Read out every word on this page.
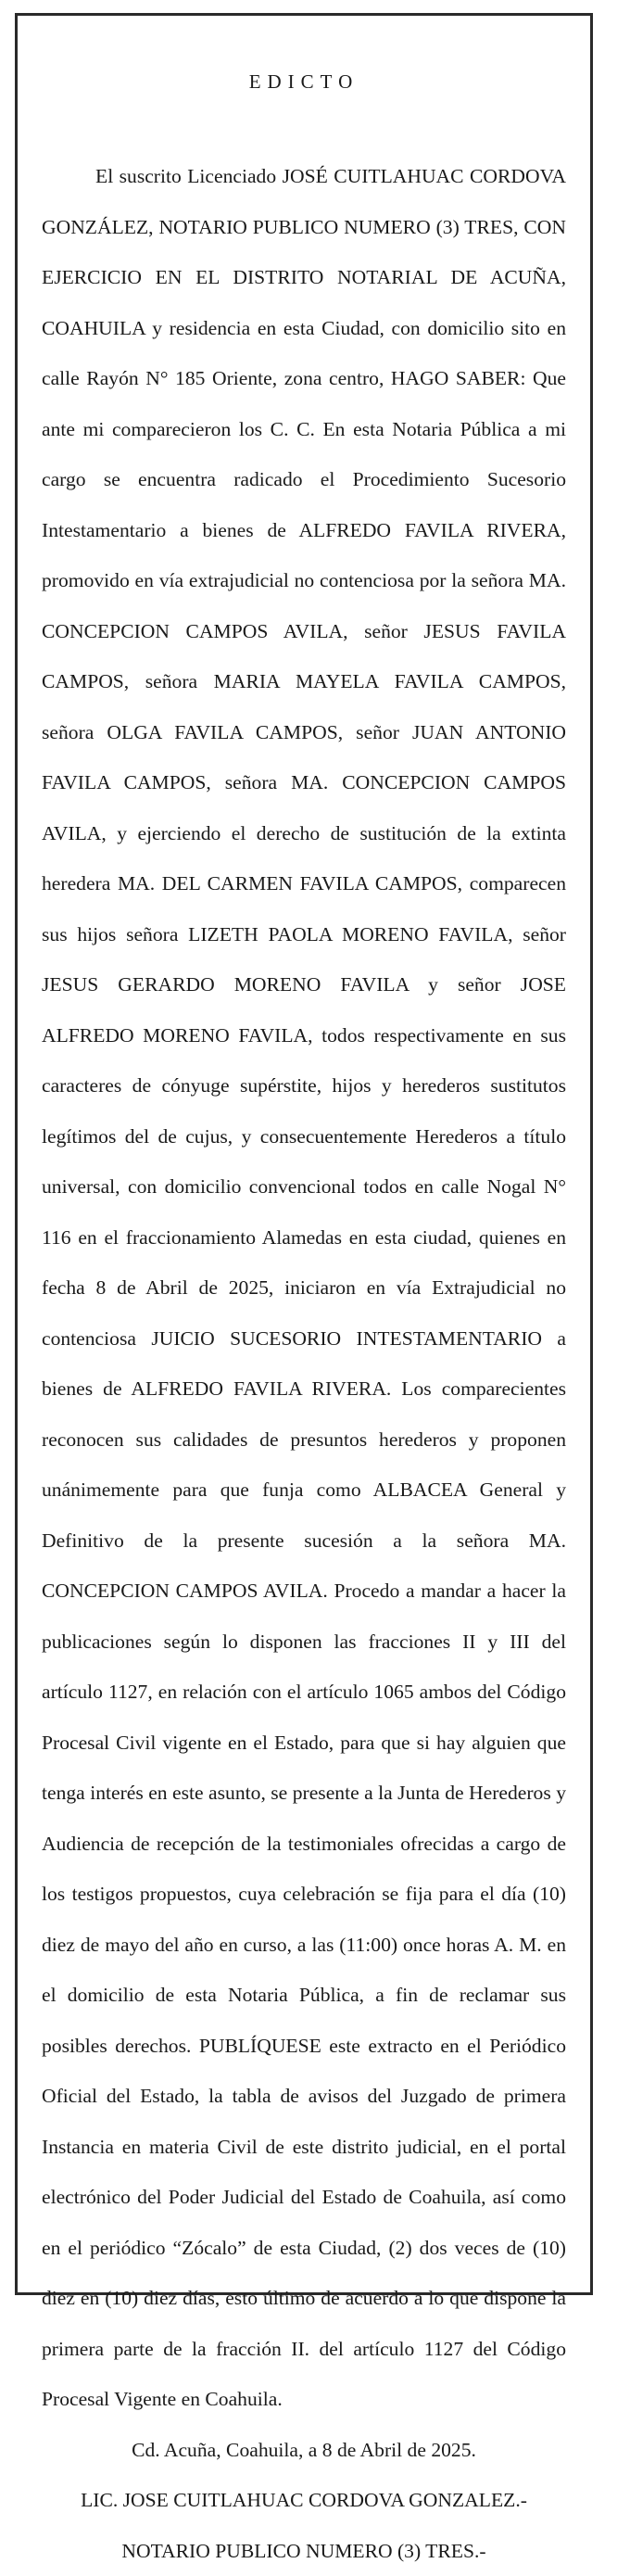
EDICTO

El suscrito Licenciado JOSÉ CUITLAHUAC CORDOVA GONZÁLEZ, NOTARIO PUBLICO NUMERO (3) TRES, CON EJERCICIO EN EL DISTRITO NOTARIAL DE ACUÑA, COAHUILA y residencia en esta Ciudad, con domicilio sito en calle Rayón N° 185 Oriente, zona centro, HAGO SABER: Que ante mi comparecieron los C. C. En esta Notaria Pública a mi cargo se encuentra radicado el Procedimiento Sucesorio Intestamentario a bienes de ALFREDO FAVILA RIVERA, promovido en vía extrajudicial no contenciosa por la señora MA. CONCEPCION CAMPOS AVILA, señor JESUS FAVILA CAMPOS, señora MARIA MAYELA FAVILA CAMPOS, señora OLGA FAVILA CAMPOS, señor JUAN ANTONIO FAVILA CAMPOS, señora MA. CONCEPCION CAMPOS AVILA, y ejerciendo el derecho de sustitución de la extinta heredera MA. DEL CARMEN FAVILA CAMPOS, comparecen sus hijos señora LIZETH PAOLA MORENO FAVILA, señor JESUS GERARDO MORENO FAVILA y señor JOSE ALFREDO MORENO FAVILA, todos respectivamente en sus caracteres de cónyuge supérstite, hijos y herederos sustitutos legítimos del de cujus, y consecuentemente Herederos a título universal, con domicilio convencional todos en calle Nogal N° 116 en el fraccionamiento Alamedas en esta ciudad, quienes en fecha 8 de Abril de 2025, iniciaron en vía Extrajudicial no contenciosa JUICIO SUCESORIO INTESTAMENTARIO a bienes de ALFREDO FAVILA RIVERA. Los comparecientes reconocen sus calidades de presuntos herederos y proponen unánimemente para que funja como ALBACEA General y Definitivo de la presente sucesión a la señora MA. CONCEPCION CAMPOS AVILA. Procedo a mandar a hacer la publicaciones según lo disponen las fracciones II y III del artículo 1127, en relación con el artículo 1065 ambos del Código Procesal Civil vigente en el Estado, para que si hay alguien que tenga interés en este asunto, se presente a la Junta de Herederos y Audiencia de recepción de la testimoniales ofrecidas a cargo de los testigos propuestos, cuya celebración se fija para el día (10) diez de mayo del año en curso, a las (11:00) once horas A. M. en el domicilio de esta Notaria Pública, a fin de reclamar sus posibles derechos. PUBLÍQUESE este extracto en el Periódico Oficial del Estado, la tabla de avisos del Juzgado de primera Instancia en materia Civil de este distrito judicial, en el portal electrónico del Poder Judicial del Estado de Coahuila, así como en el periódico “Zócalo” de esta Ciudad, (2) dos veces de (10) diez en (10) diez días, esto último de acuerdo a lo que dispone la primera parte de la fracción II. del artículo 1127 del Código Procesal Vigente en Coahuila.

Cd. Acuña, Coahuila, a 8 de Abril de 2025.

LIC. JOSE CUITLAHUAC CORDOVA GONZALEZ.-

NOTARIO PUBLICO NUMERO (3) TRES.-
